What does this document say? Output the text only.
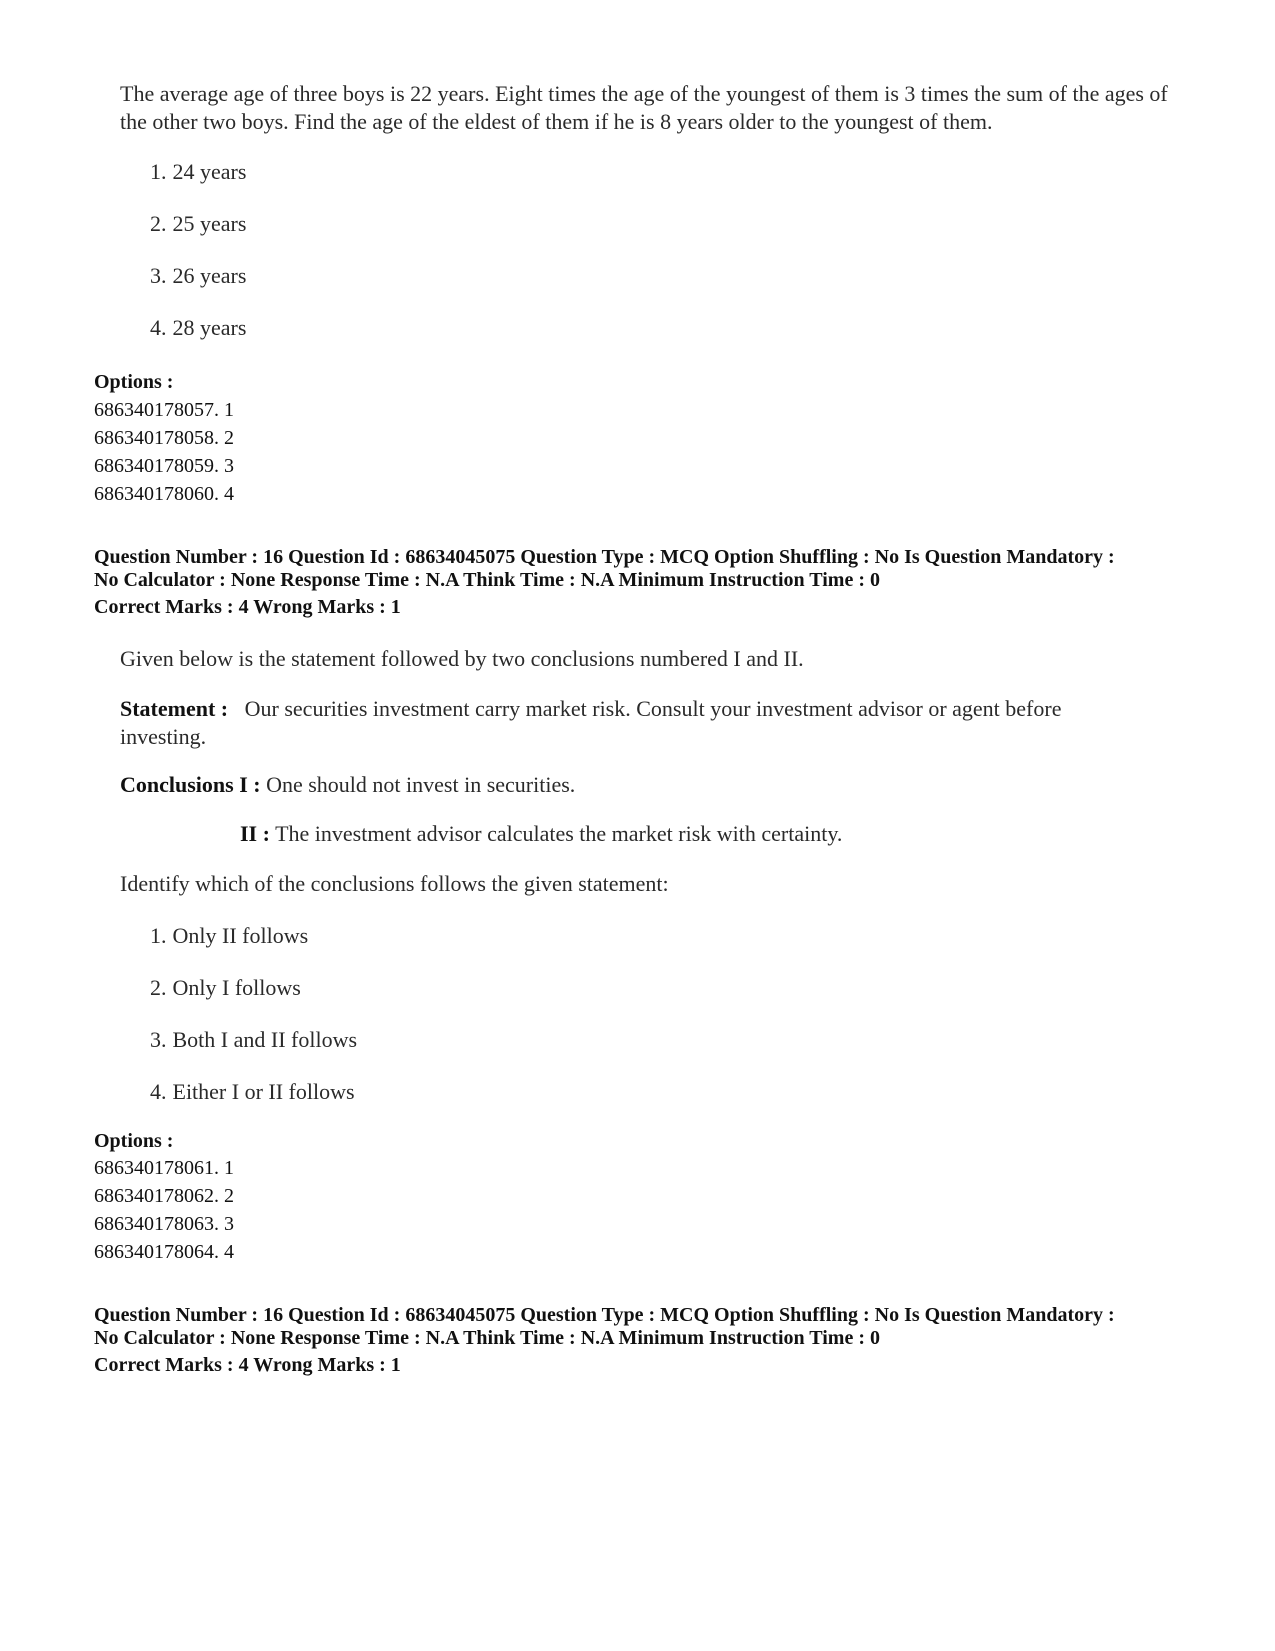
The average age of three boys is 22 years. Eight times the age of the youngest of them is 3 times the sum of the ages of the other two boys. Find the age of the eldest of them if he is 8 years older to the youngest of them.
1. 24 years
2. 25 years
3. 26 years
4. 28 years
Options :
686340178057. 1
686340178058. 2
686340178059. 3
686340178060. 4
Question Number : 16 Question Id : 68634045075 Question Type : MCQ Option Shuffling : No Is Question Mandatory :
No Calculator : None Response Time : N.A Think Time : N.A Minimum Instruction Time : 0
Correct Marks : 4 Wrong Marks : 1
Given below is the statement followed by two conclusions numbered I and II.
Statement : Our securities investment carry market risk. Consult your investment advisor or agent before investing.
Conclusions I : One should not invest in securities.
II : The investment advisor calculates the market risk with certainty.
Identify which of the conclusions follows the given statement:
1. Only II follows
2. Only I follows
3. Both I and II follows
4. Either I or II follows
Options :
686340178061. 1
686340178062. 2
686340178063. 3
686340178064. 4
Question Number : 16 Question Id : 68634045075 Question Type : MCQ Option Shuffling : No Is Question Mandatory :
No Calculator : None Response Time : N.A Think Time : N.A Minimum Instruction Time : 0
Correct Marks : 4 Wrong Marks : 1
